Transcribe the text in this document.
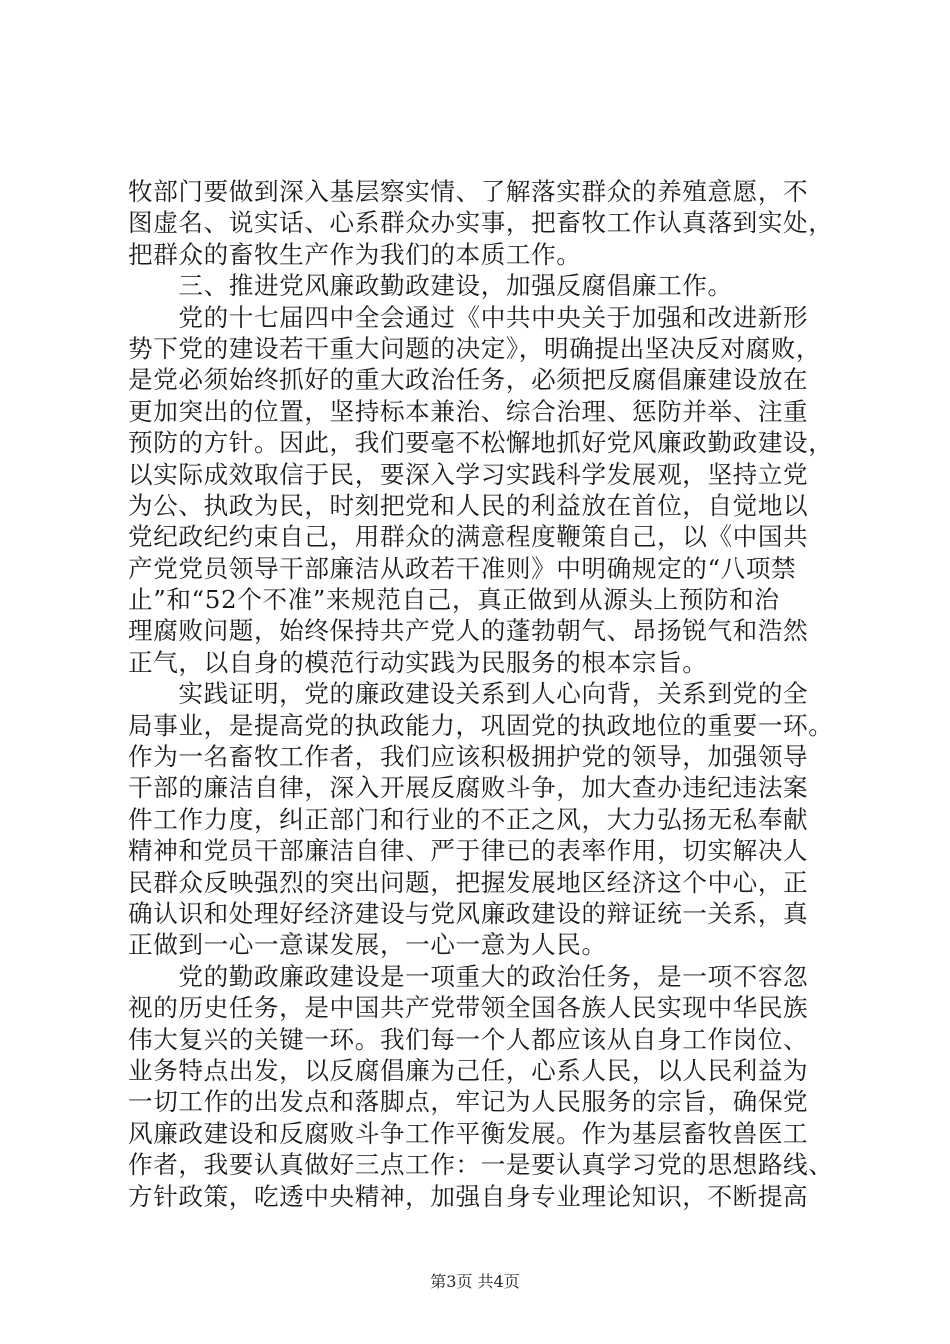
牧部门要做到深入基层察实情、了解落实群众的养殖意愿，不
图虚名、说实话、心系群众办实事，把畜牧工作认真落到实处，
把群众的畜牧生产作为我们的本质工作。
　　三、推进党风廉政勤政建设，加强反腐倡廉工作。
　　党的十七届四中全会通过《中共中央关于加强和改进新形
势下党的建设若干重大问题的决定》，明确提出坚决反对腐败，
是党必须始终抓好的重大政治任务，必须把反腐倡廉建设放在
更加突出的位置，坚持标本兼治、综合治理、惩防并举、注重
预防的方针。因此，我们要毫不松懈地抓好党风廉政勤政建设，
以实际成效取信于民，要深入学习实践科学发展观，坚持立党
为公、执政为民，时刻把党和人民的利益放在首位，自觉地以
党纪政纪约束自己，用群众的满意程度鞭策自己，以《中国共
产党党员领导干部廉洁从政若干准则》中明确规定的“八项禁
止”和“52个不准”来规范自己，真正做到从源头上预防和治
理腐败问题，始终保持共产党人的蓬勃朝气、昂扬锐气和浩然
正气，以自身的模范行动实践为民服务的根本宗旨。
　　实践证明，党的廉政建设关系到人心向背，关系到党的全
局事业，是提高党的执政能力，巩固党的执政地位的重要一环。
作为一名畜牧工作者，我们应该积极拥护党的领导，加强领导
干部的廉洁自律，深入开展反腐败斗争，加大查办违纪违法案
件工作力度，纠正部门和行业的不正之风，大力弘扬无私奉献
精神和党员干部廉洁自律、严于律已的表率作用，切实解决人
民群众反映强烈的突出问题，把握发展地区经济这个中心，正
确认识和处理好经济建设与党风廉政建设的辩证统一关系，真
正做到一心一意谋发展，一心一意为人民。
　　党的勤政廉政建设是一项重大的政治任务，是一项不容忽
视的历史任务，是中国共产党带领全国各族人民实现中华民族
伟大复兴的关键一环。我们每一个人都应该从自身工作岗位、
业务特点出发，以反腐倡廉为己任，心系人民，以人民利益为
一切工作的出发点和落脚点，牢记为人民服务的宗旨，确保党
风廉政建设和反腐败斗争工作平衡发展。作为基层畜牧兽医工
作者，我要认真做好三点工作：一是要认真学习党的思想路线、
方针政策，吃透中央精神，加强自身专业理论知识，不断提高
第3页 共4页
